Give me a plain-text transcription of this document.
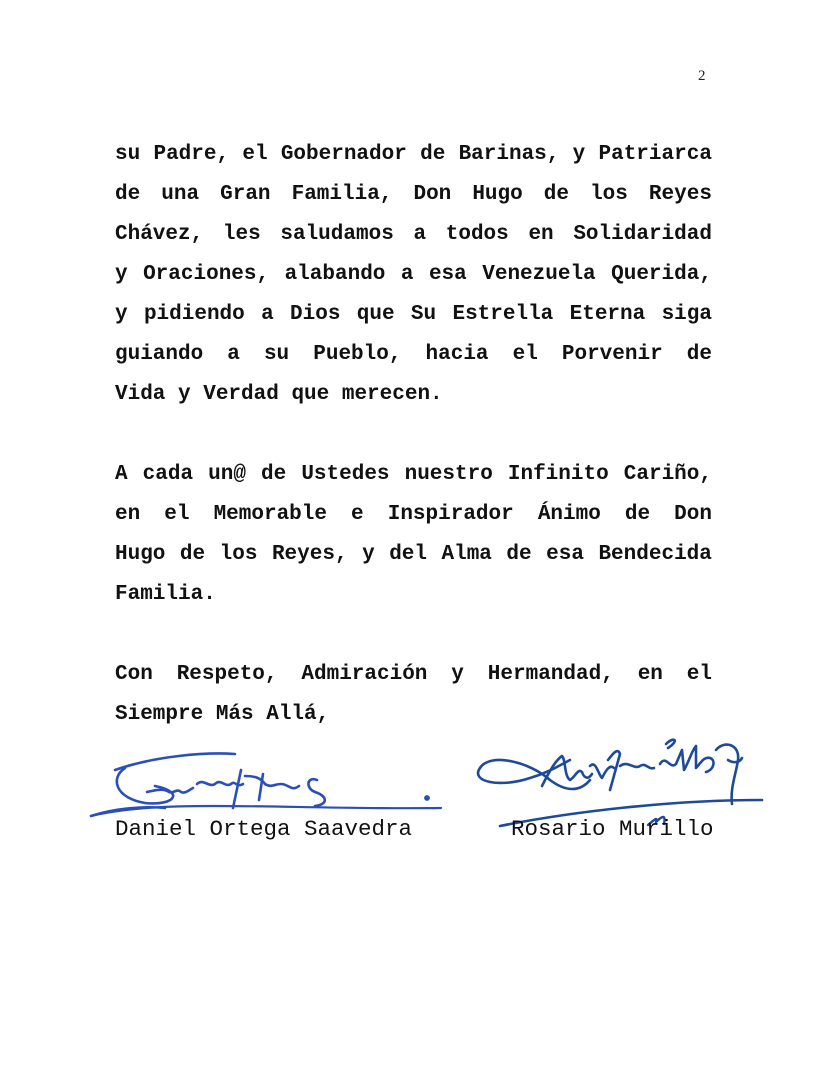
2
su Padre, el Gobernador de Barinas, y Patriarca
de una Gran Familia, Don Hugo de los Reyes
Chávez, les saludamos a todos en Solidaridad
y Oraciones, alabando a esa Venezuela Querida,
y pidiendo a Dios que Su Estrella Eterna siga
guiando a su Pueblo, hacia el Porvenir de
Vida y Verdad que merecen.
A cada un@ de Ustedes nuestro Infinito Cariño,
en el Memorable e Inspirador Ánimo de Don
Hugo de los Reyes, y del Alma de esa Bendecida
Familia.
Con Respeto, Admiración y Hermandad, en el
Siempre Más Allá,
Daniel Ortega Saavedra	Rosario Murillo
